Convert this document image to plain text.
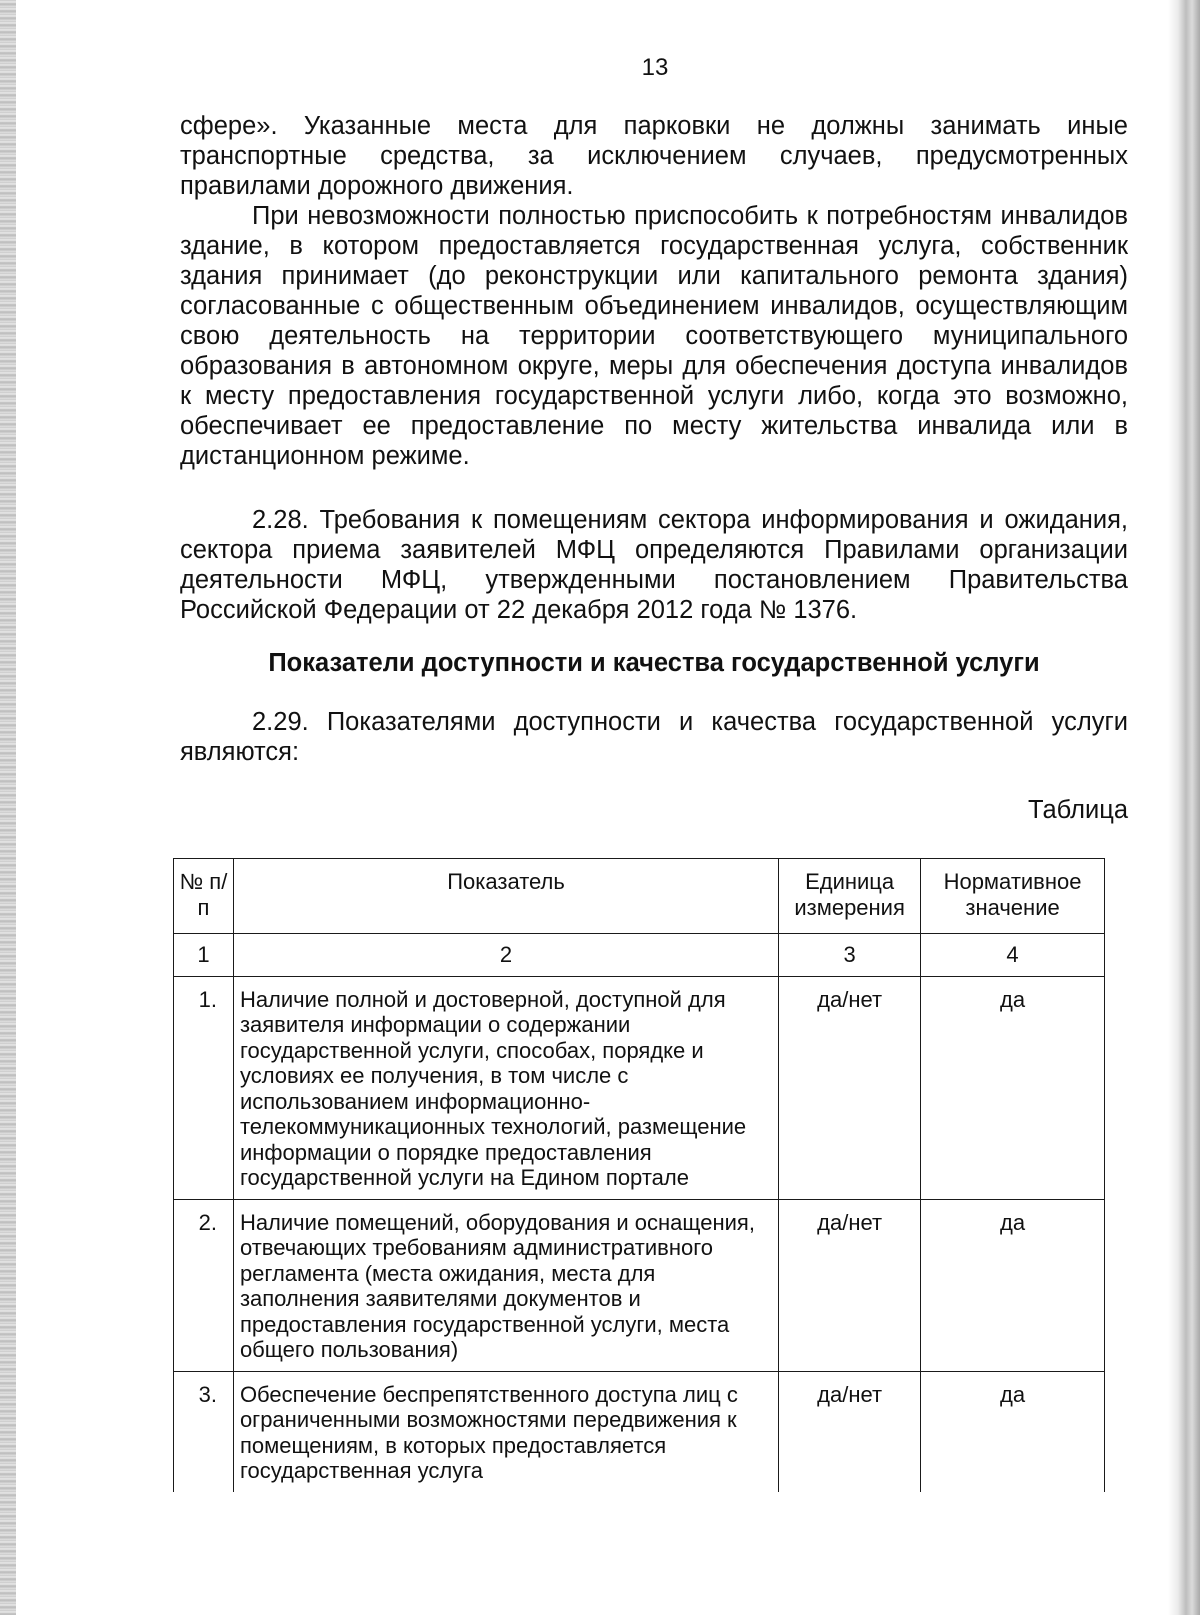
13

сфере». Указанные места для парковки не должны занимать иные транспортные средства, за исключением случаев, предусмотренных правилами дорожного движения.

При невозможности полностью приспособить к потребностям инвалидов здание, в котором предоставляется государственная услуга, собственник здания принимает (до реконструкции или капитального ремонта здания) согласованные с общественным объединением инвалидов, осуществляющим свою деятельность на территории соответствующего муниципального образования в автономном округе, меры для обеспечения доступа инвалидов к месту предоставления государственной услуги либо, когда это возможно, обеспечивает ее предоставление по месту жительства инвалида или в дистанционном режиме.

2.28. Требования к помещениям сектора информирования и ожидания, сектора приема заявителей МФЦ определяются Правилами организации деятельности МФЦ, утвержденными постановлением Правительства Российской Федерации от 22 декабря 2012 года № 1376.

Показатели доступности и качества государственной услуги

2.29. Показателями доступности и качества государственной услуги являются:

Таблица

№ п/п	Показатель	Единица измерения	Нормативное значение
1	2	3	4
1.	Наличие полной и достоверной, доступной для заявителя информации о содержании государственной услуги, способах, порядке и условиях ее получения, в том числе с использованием информационно-телекоммуникационных технологий, размещение информации о порядке предоставления государственной услуги на Едином портале	да/нет	да
2.	Наличие помещений, оборудования и оснащения, отвечающих требованиям административного регламента (места ожидания, места для заполнения заявителями документов и предоставления государственной услуги, места общего пользования)	да/нет	да
3.	Обеспечение беспрепятственного доступа лиц с ограниченными возможностями передвижения к помещениям, в которых предоставляется государственная услуга	да/нет	да
